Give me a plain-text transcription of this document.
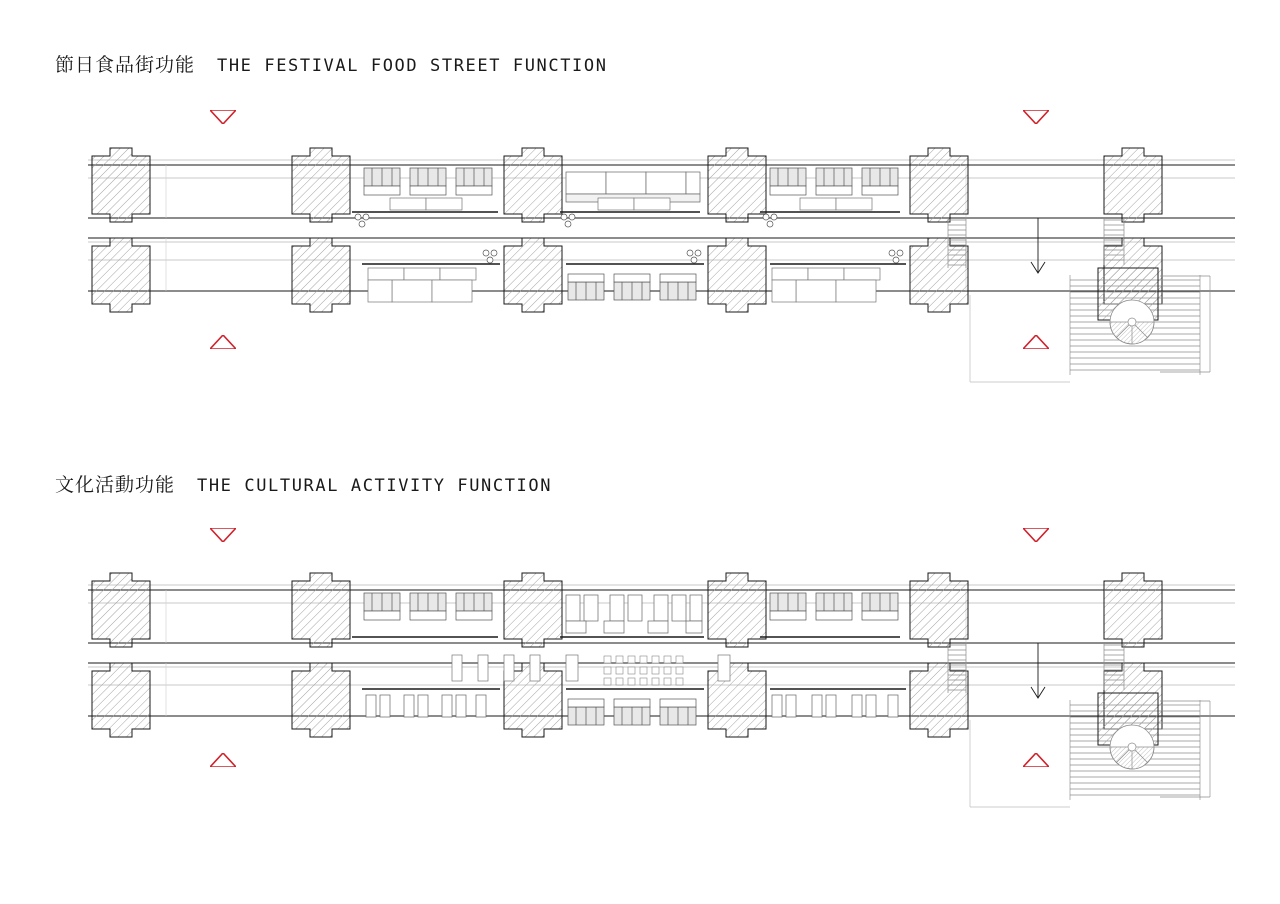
節日食品街功能 THE FESTIVAL FOOD STREET FUNCTION
文化活動功能 THE CULTURAL ACTIVITY FUNCTION
